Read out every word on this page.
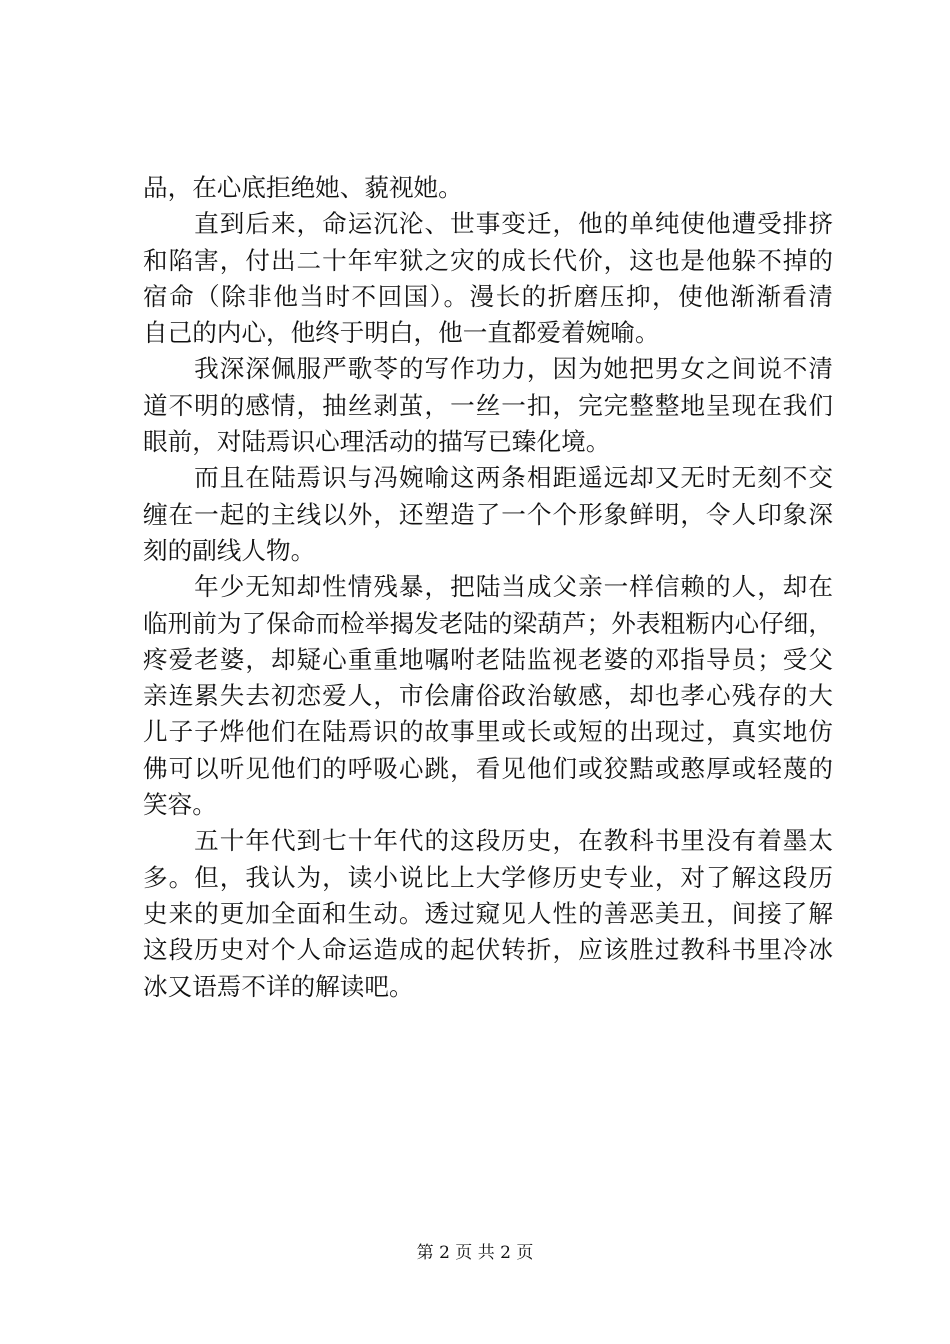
品，在心底拒绝她、藐视她。

　　直到后来，命运沉沦、世事变迁，他的单纯使他遭受排挤
和陷害，付出二十年牢狱之灾的成长代价，这也是他躲不掉的
宿命（除非他当时不回国）。漫长的折磨压抑，使他渐渐看清
自己的内心，他终于明白，他一直都爱着婉喻。

　　我深深佩服严歌苓的写作功力，因为她把男女之间说不清
道不明的感情，抽丝剥茧，一丝一扣，完完整整地呈现在我们
眼前，对陆焉识心理活动的描写已臻化境。

　　而且在陆焉识与冯婉喻这两条相距遥远却又无时无刻不交
缠在一起的主线以外，还塑造了一个个形象鲜明，令人印象深
刻的副线人物。

　　年少无知却性情残暴，把陆当成父亲一样信赖的人，却在
临刑前为了保命而检举揭发老陆的梁葫芦；外表粗粝内心仔细，
疼爱老婆，却疑心重重地嘱咐老陆监视老婆的邓指导员；受父
亲连累失去初恋爱人，市侩庸俗政治敏感，却也孝心残存的大
儿子子烨他们在陆焉识的故事里或长或短的出现过，真实地仿
佛可以听见他们的呼吸心跳，看见他们或狡黠或憨厚或轻蔑的
笑容。

　　五十年代到七十年代的这段历史，在教科书里没有着墨太
多。但，我认为，读小说比上大学修历史专业，对了解这段历
史来的更加全面和生动。透过窥见人性的善恶美丑，间接了解
这段历史对个人命运造成的起伏转折，应该胜过教科书里冷冰
冰又语焉不详的解读吧。

第 2 页 共 2 页
